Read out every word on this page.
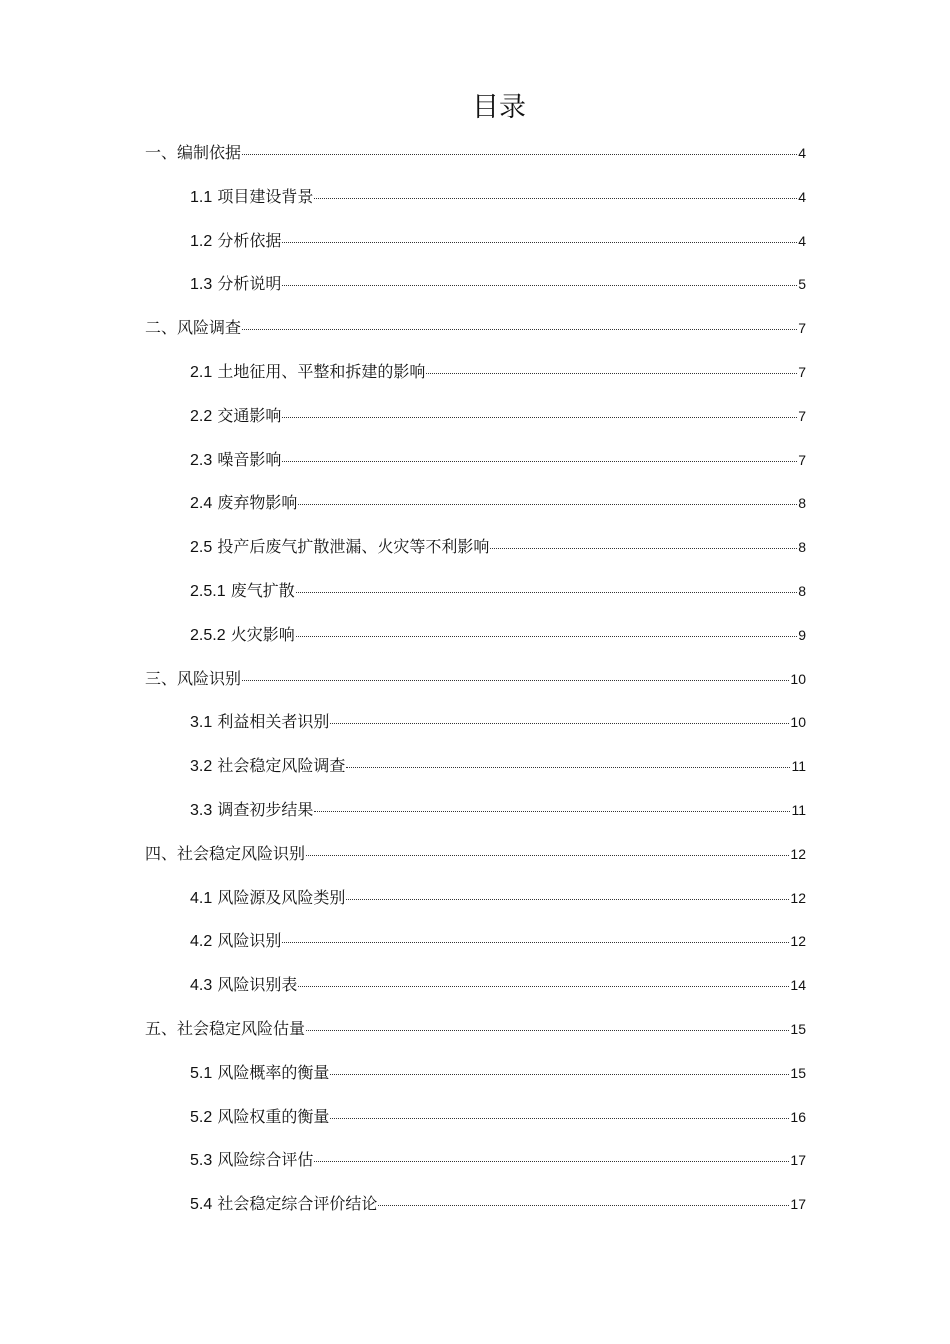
目录
一、编制依据	4
1.1 项目建设背景	4
1.2 分析依据	4
1.3 分析说明	5
二、风险调查	7
2.1 土地征用、平整和拆建的影响	7
2.2 交通影响	7
2.3 噪音影响	7
2.4 废弃物影响	8
2.5 投产后废气扩散泄漏、火灾等不利影响	8
2.5.1 废气扩散	8
2.5.2 火灾影响	9
三、风险识别	10
3.1 利益相关者识别	10
3.2 社会稳定风险调查	11
3.3 调查初步结果	11
四、社会稳定风险识别	12
4.1 风险源及风险类别	12
4.2 风险识别	12
4.3 风险识别表	14
五、社会稳定风险估量	15
5.1 风险概率的衡量	15
5.2 风险权重的衡量	16
5.3 风险综合评估	17
5.4 社会稳定综合评价结论	17
